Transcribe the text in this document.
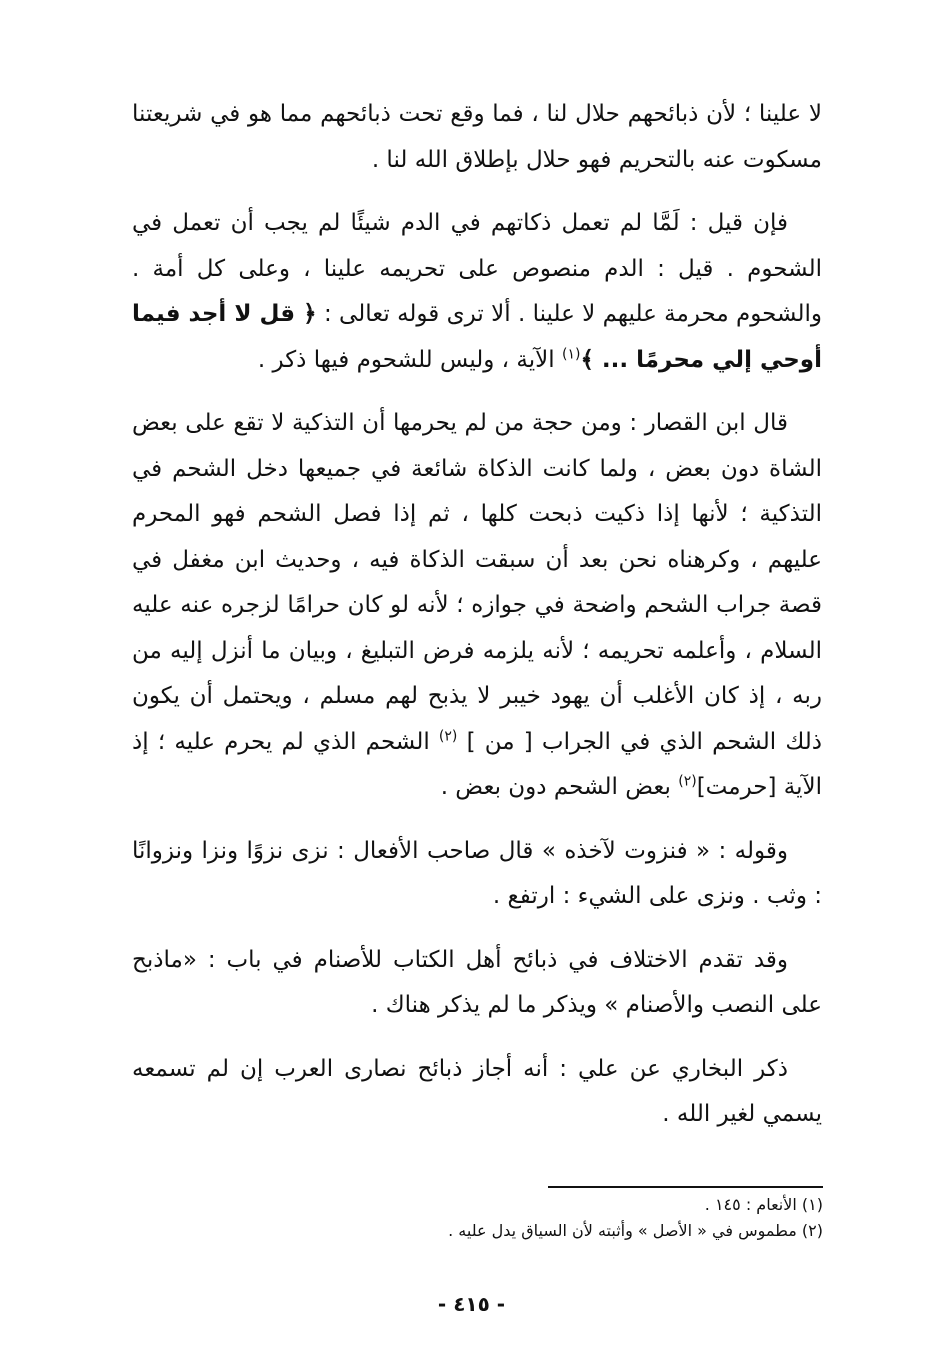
لا علينا ؛ لأن ذبائحهم حلال لنا ، فما وقع تحت ذبائحهم مما هو في شريعتنا مسكوت عنه بالتحريم فهو حلال بإطلاق الله لنا .

فإن قيل : لَمَّا لم تعمل ذكاتهم في الدم شيئًا لم يجب أن تعمل في الشحوم . قيل : الدم منصوص على تحريمه علينا ، وعلى كل أمة . والشحوم محرمة عليهم لا علينا . ألا ترى قوله تعالى : ﴿ قل لا أجد فيما أوحي إلي محرمًا ... ﴾$^{(١)}$ الآية ، وليس للشحوم فيها ذكر .

قال ابن القصار : ومن حجة من لم يحرمها أن التذكية لا تقع على بعض الشاة دون بعض ، ولما كانت الذكاة شائعة في جميعها دخل الشحم في التذكية ؛ لأنها إذا ذكيت ذبحت كلها ، ثم إذا فصل الشحم فهو المحرم عليهم ، وكرهناه نحن بعد أن سبقت الذكاة فيه ، وحديث ابن مغفل في قصة جراب الشحم واضحة في جوازه ؛ لأنه لو كان حرامًا لزجره عنه عليه السلام ، وأعلمه تحريمه ؛ لأنه يلزمه فرض التبليغ ، وبيان ما أنزل إليه من ربه ، إذ كان الأغلب أن يهود خيبر لا يذبح لهم مسلم ، ويحتمل أن يكون ذلك الشحم الذي في الجراب [ من ] $^{(٢)}$ الشحم الذي لم يحرم عليه ؛ إذ الآية [حرمت]$^{(٢)}$ بعض الشحم دون بعض .

وقوله : « فنزوت لآخذه » قال صاحب الأفعال : نزى نزوًا ونزا ونزوانًا : وثب . ونزى على الشيء : ارتفع .

وقد تقدم الاختلاف في ذبائح أهل الكتاب للأصنام في باب : «ماذبح على النصب والأصنام » ويذكر ما لم يذكر هناك .

ذكر البخاري عن علي : أنه أجاز ذبائح نصارى العرب إن لم تسمعه يسمي لغير الله .

(١) الأنعام : ١٤٥ .

(٢) مطموس في « الأصل » وأثبته لأن السياق يدل عليه .

- ٤١٥ -
